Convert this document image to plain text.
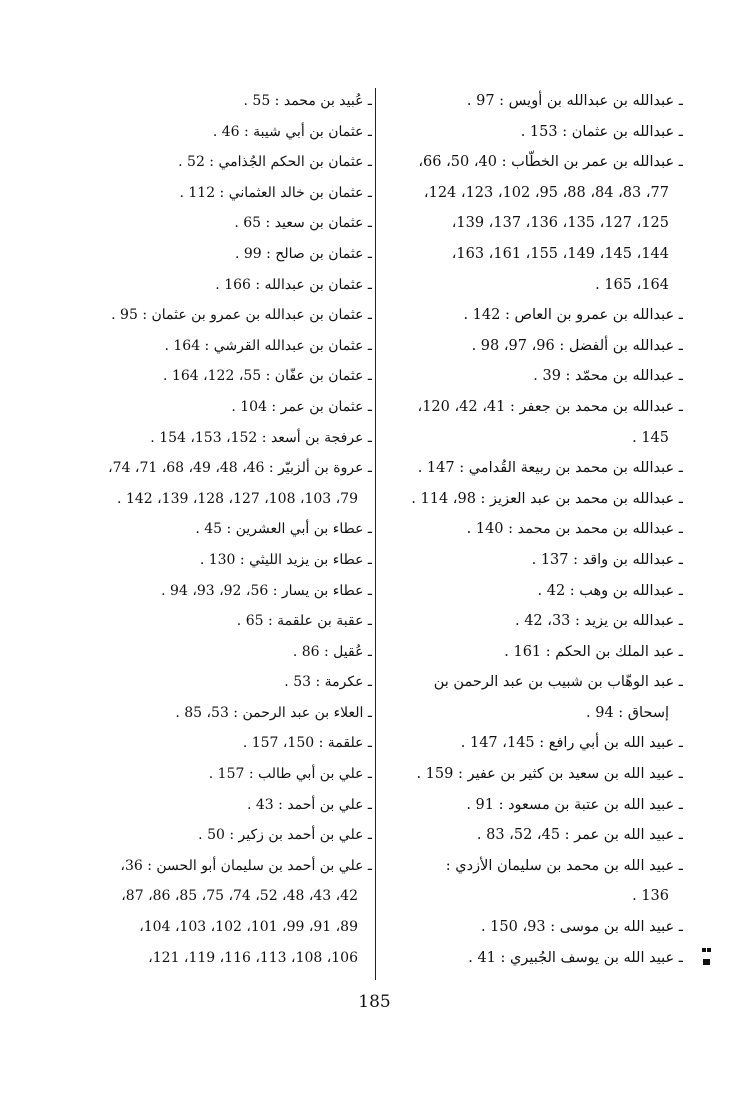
ـ عبدالله بن عبدالله بن أويس : 97 .
ـ عبدالله بن عثمان : 153 .
ـ عبدالله بن عمر بن الخطّاب : 40، 50، 66،
77، 83، 84، 88، 95، 102، 123، 124،
125، 127، 135، 136، 137، 139،
144، 145، 149، 155، 161، 163،
164، 165 .
ـ عبدالله بن عمرو بن العاص : 142 .
ـ عبدالله بن ألفضل : 96، 97، 98 .
ـ عبدالله بن محمّد : 39 .
ـ عبدالله بن محمد بن جعفر : 41، 42، 120،
145 .
ـ عبدالله بن محمد بن ربيعة القُدامي : 147 .
ـ عبدالله بن محمد بن عبد العزيز : 98، 114 .
ـ عبدالله بن محمد بن محمد : 140 .
ـ عبدالله بن واقد : 137 .
ـ عبدالله بن وهب : 42 .
ـ عبدالله بن يزيد : 33، 42 .
ـ عبد الملك بن الحكم : 161 .
ـ عبد الوهّاب بن شبيب بن عبد الرحمن بن
إسحاق : 94 .
ـ عبيد الله بن أبي رافع : 145، 147 .
ـ عبيد الله بن سعيد بن كثير بن عفير : 159 .
ـ عبيد الله بن عتبة بن مسعود : 91 .
ـ عبيد الله بن عمر : 45، 52، 83 .
ـ عبيد الله بن محمد بن سليمان الأزدي :
136 .
ـ عبيد الله بن موسى : 93، 150 .
ـ عبيد الله بن يوسف الجُبيري : 41 .
ـ عُبيد بن محمد : 55 .
ـ عثمان بن أبي شيبة : 46 .
ـ عثمان بن الحكم الجُذامي : 52 .
ـ عثمان بن خالد العثماني : 112 .
ـ عثمان بن سعيد : 65 .
ـ عثمان بن صالح : 99 .
ـ عثمان بن عبدالله : 166 .
ـ عثمان بن عبدالله بن عمرو بن عثمان : 95 .
ـ عثمان بن عبدالله القرشي : 164 .
ـ عثمان بن عفّان : 55، 122، 164 .
ـ عثمان بن عمر : 104 .
ـ عرفجة بن أسعد : 152، 153، 154 .
ـ عروة بن ألزبيّر : 46، 48، 49، 68، 71، 74،
79، 103، 108، 127، 128، 139، 142 .
ـ عطاء بن أبي العشرين : 45 .
ـ عطاء بن يزيد الليثي : 130 .
ـ عطاء بن يسار : 56، 92، 93، 94 .
ـ عقبة بن علقمة : 65 .
ـ عُقيل : 86 .
ـ عكرمة : 53 .
ـ العلاء بن عبد الرحمن : 53، 85 .
ـ علقمة : 150، 157 .
ـ علي بن أبي طالب : 157 .
ـ علي بن أحمد : 43 .
ـ علي بن أحمد بن زكير : 50 .
ـ علي بن أحمد بن سليمان أبو الحسن : 36،
42، 43، 48، 52، 74، 75، 85، 86، 87،
89، 91، 99، 101، 102، 103، 104،
106، 108، 113، 116، 119، 121،
185
